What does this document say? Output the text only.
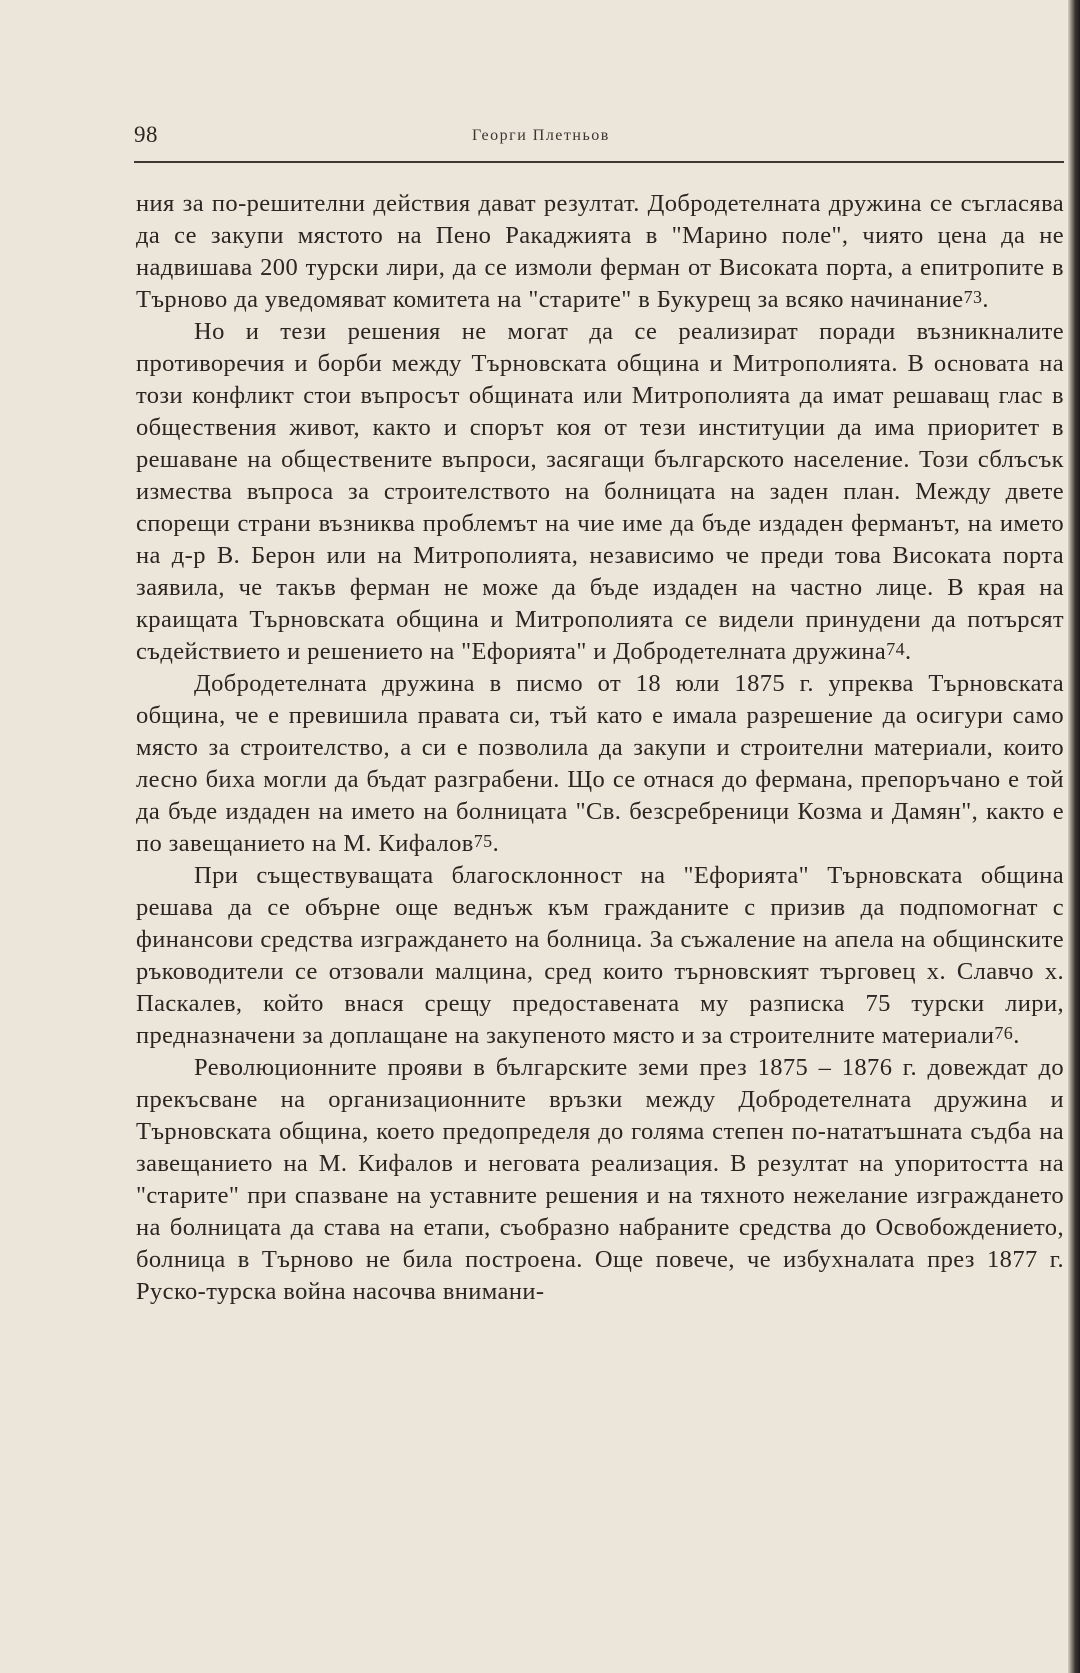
98	Георги Плетньов

ния за по-решителни действия дават резултат. Добродетелната дружина се съгласява да се закупи мястото на Пено Ракаджията в "Марино поле", чиято цена да не надвишава 200 турски лири, да се измоли ферман от Високата порта, а епитропите в Търново да уведомяват комитета на "старите" в Букурещ за всяко начинание$^{73}$.

Но и тези решения не могат да се реализират поради възникналите противоречия и борби между Търновската община и Митрополията. В основата на този конфликт стои въпросът общината или Митрополията да имат решаващ глас в обществения живот, както и спорът коя от тези институции да има приоритет в решаване на обществените въпроси, засягащи българското население. Този сблъсък измества въпроса за строителството на болницата на заден план. Между двете спорещи страни възниква проблемът на чие име да бъде издаден ферманът, на името на д-р В. Берон или на Митрополията, независимо че преди това Високата порта заявила, че такъв ферман не може да бъде издаден на частно лице. В края на краищата Търновската община и Митрополията се видели принудени да потърсят съдействието и решението на "Ефорията" и Добродетелната дружина$^{74}$.

Добродетелната дружина в писмо от 18 юли 1875 г. упреква Търновската община, че е превишила правата си, тъй като е имала разрешение да осигури само място за строителство, а си е позволила да закупи и строителни материали, които лесно биха могли да бъдат разграбени. Що се отнася до фермана, препоръчано е той да бъде издаден на името на болницата "Св. безсребреници Козма и Дамян", както е по завещанието на М. Кифалов$^{75}$.

При съществуващата благосклонност на "Ефорията" Търновската община решава да се обърне още веднъж към гражданите с призив да подпомогнат с финансови средства изграждането на болница. За съжаление на апела на общинските ръководители се отзовали малцина, сред които търновският търговец х. Славчо х. Паскалев, който внася срещу предоставената му разписка 75 турски лири, предназначени за доплащане на закупеното място и за строителните материали$^{76}$.

Революционните прояви в българските земи през 1875 – 1876 г. довеждат до прекъсване на организационните връзки между Добродетелната дружина и Търновската община, което предопределя до голяма степен по-нататъшната съдба на завещанието на М. Кифалов и неговата реализация. В резултат на упоритостта на "старите" при спазване на уставните решения и на тяхното нежелание изграждането на болницата да става на етапи, съобразно набраните средства до Освобождението, болница в Търново не била построена. Още повече, че избухналата през 1877 г. Руско-турска война насочва внимани-
